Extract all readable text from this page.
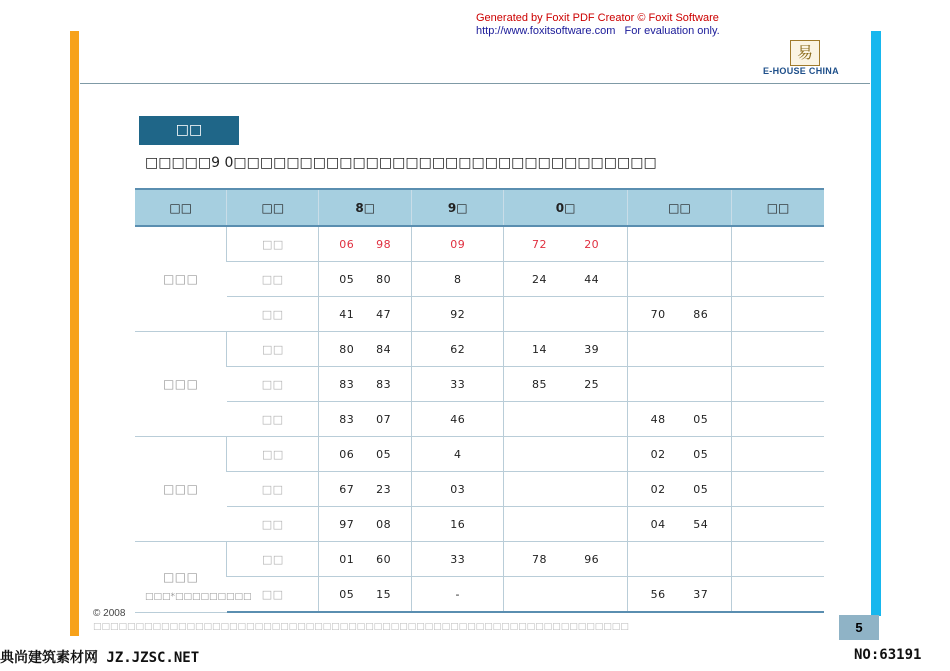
Generated by Foxit PDF Creator © Foxit Software
http://www.foxitsoftware.com   For evaluation only.
易
E-HOUSE CHINA
□□
□□□□□9 0□□□□□□□□□□□□□□□□□□□□□□□□□□□□□□□□
□□	□□	8□	9□	0□	□□	□□
□□□	□□	06 98	09	72 20		

	□□	05 80	8	24 44		

	□□	41 47	92		70 86	

□□□	□□	80 84	62	14 39		

	□□	83 83	33	85 25		

	□□	83 07	46		48 05	

□□□	□□	06 05	4		02 05	

	□□	67 23	03		02 05	

	□□	97 08	16		04 54	

□□□	□□	01 60	33	78 96		

	□□	05 15	-		56 37	

□□□*□□□□□□□□□
© 2008
□□□□□□□□□□□□□□□□□□□□□□□□□□□□□□□□□□□□□□□□□□□□□□□□□□□□□□□□□□□□□□□	5
典尚建筑素材网 JZ.JZSC.NET	NO:63191
